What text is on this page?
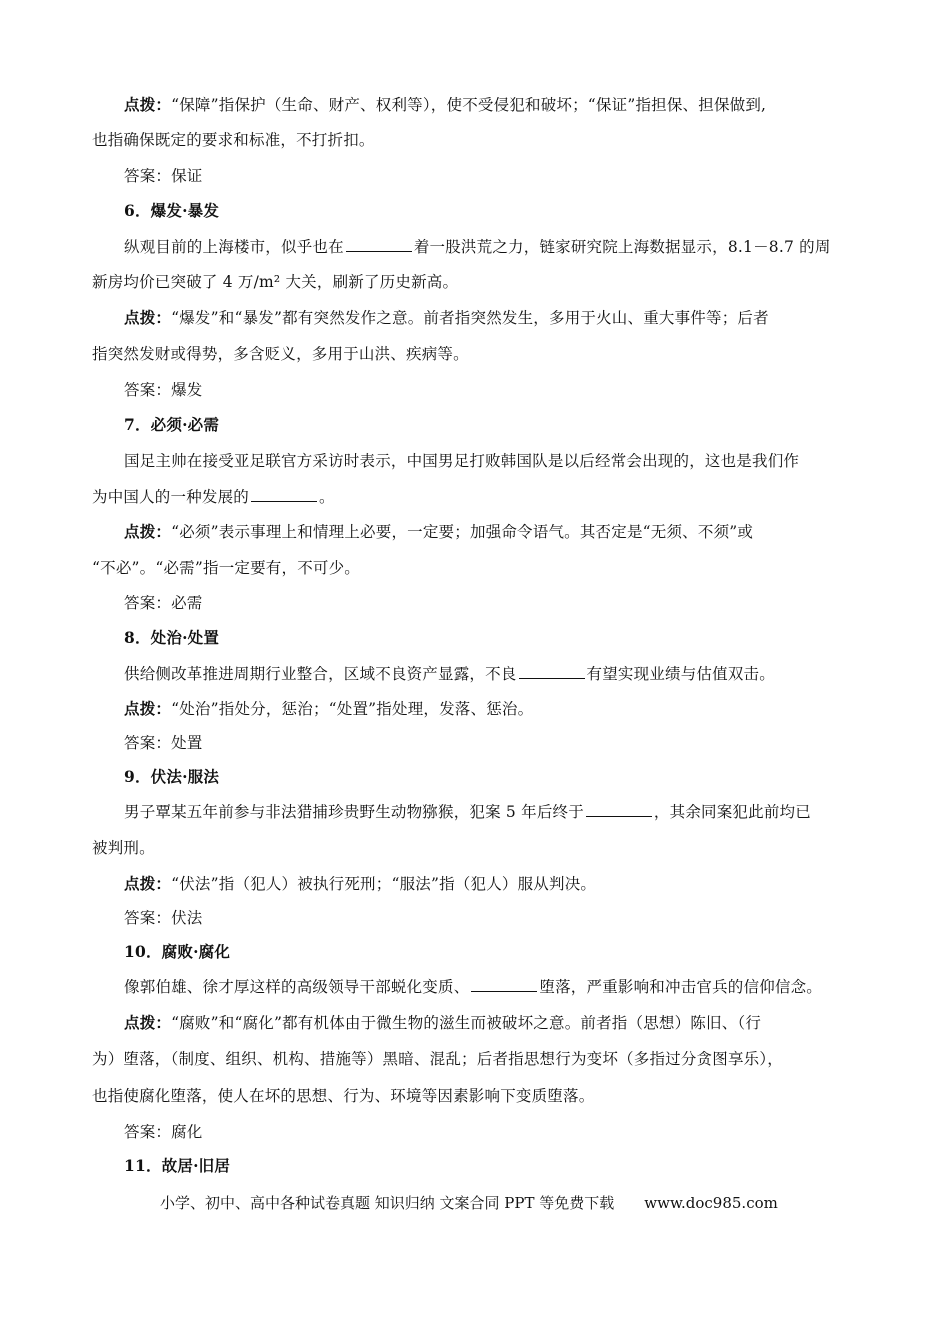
点拨：“保障”指保护（生命、财产、权利等），使不受侵犯和破坏；“保证”指担保、担保做到,
也指确保既定的要求和标准，不打折扣。
答案：保证
6．爆发·暴发
纵观目前的上海楼市，似乎也在	着一股洪荒之力，链家研究院上海数据显示，8.1－8.7 的周
新房均价已突破了 4 万/m² 大关，刷新了历史新高。
点拨：“爆发”和“暴发”都有突然发作之意。前者指突然发生，多用于火山、重大事件等；后者
指突然发财或得势，多含贬义，多用于山洪、疾病等。
答案：爆发
7．必须·必需
国足主帅在接受亚足联官方采访时表示，中国男足打败韩国队是以后经常会出现的，这也是我们作
为中国人的一种发展的	。
点拨：“必须”表示事理上和情理上必要，一定要；加强命令语气。其否定是“无须、不须”或
“不必”。“必需”指一定要有，不可少。
答案：必需
8．处治·处置
供给侧改革推进周期行业整合，区域不良资产显露，不良	有望实现业绩与估值双击。
点拨：“处治”指处分，惩治；“处置”指处理，发落、惩治。
答案：处置
9．伏法·服法
男子覃某五年前参与非法猎捕珍贵野生动物猕猴，犯案 5 年后终于	，其余同案犯此前均已
被判刑。
点拨：“伏法”指（犯人）被执行死刑；“服法”指（犯人）服从判决。
答案：伏法
10．腐败·腐化
像郭伯雄、徐才厚这样的高级领导干部蜕化变质、	堕落，严重影响和冲击官兵的信仰信念。
点拨：“腐败”和“腐化”都有机体由于微生物的滋生而被破坏之意。前者指（思想）陈旧、（行
为）堕落，（制度、组织、机构、措施等）黑暗、混乱；后者指思想行为变坏（多指过分贪图享乐），
也指使腐化堕落，使人在坏的思想、行为、环境等因素影响下变质堕落。
答案：腐化
11．故居·旧居
小学、初中、高中各种试卷真题 知识归纳 文案合同 PPT 等免费下载 www.doc985.com
